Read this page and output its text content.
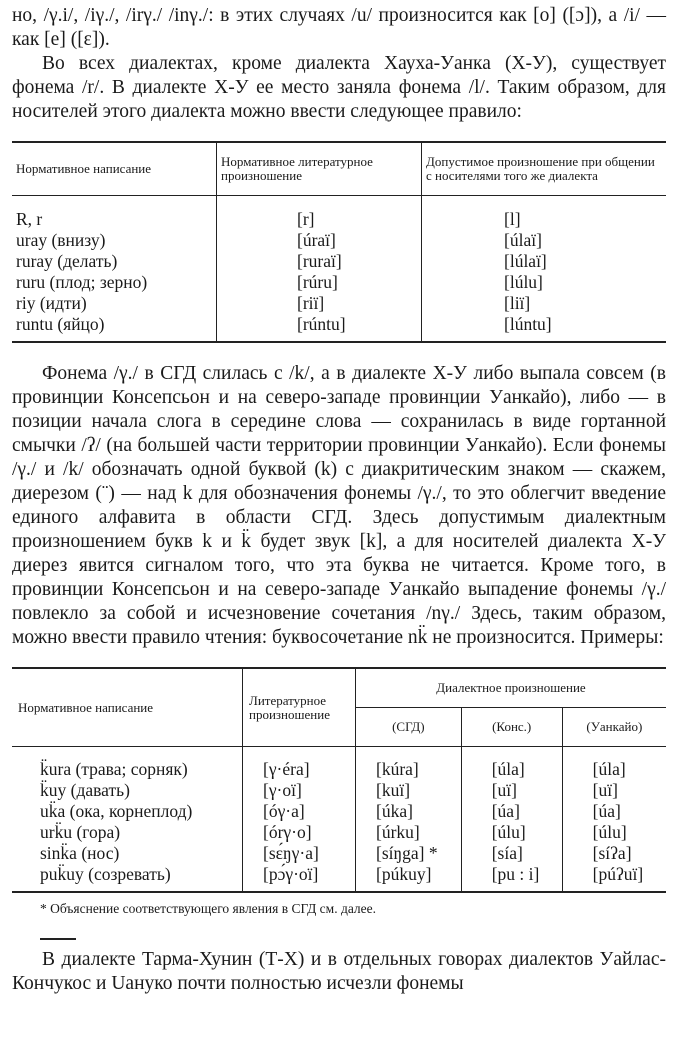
но, /γ.i/, /iγ./, /irγ./ /inγ./: в этих случаях /u/ произносится как [o] ([ɔ]), а /i/ — как [e] ([ɛ]).

Во всех диалектах, кроме диалекта Хауха-Уанка (Х-У), существует фонема /r/. В диалекте Х-У ее место заняла фонема /l/. Таким образом, для носителей этого диалекта можно ввести следующее правило:

Нормативное написание	Нормативное литературное произношение	Допустимое произношение при общении с носителями того же диалекта
R, r	[r]	[l]
uray (внизу)	[úraï]	[úlaï]
ruray (делать)	[ruraï]	[lúlaï]
ruru (плод; зерно)	[rúru]	[lúlu]
riy (идти)	[riï]	[liï]
runtu (яйцо)	[rúntu]	[lúntu]

Фонема /γ./ в СГД слилась с /k/, а в диалекте Х-У либо выпала совсем (в провинции Консепсьон и на северо-западе провинции Уанкайо), либо — в позиции начала слога в середине слова — сохранилась в виде гортанной смычки /ʔ/ (на большей части территории провинции Уанкайо). Если фонемы /γ./ и /k/ обозначать одной буквой (k) с диакритическим знаком — скажем, диерезом (¨) — над k для обозначения фонемы /γ./, то это облегчит введение единого алфавита в области СГД. Здесь допустимым диалектным произношением букв k и k̈ будет звук [k], а для носителей диалекта Х-У диерез явится сигналом того, что эта буква не читается. Кроме того, в провинции Консепсьон и на северо-западе Уанкайо выпадение фонемы /γ./ повлекло за собой и исчезновение сочетания /nγ./ Здесь, таким образом, можно ввести правило чтения: буквосочетание nk̈ не произносится. Примеры:

Нормативное написание	Литературное произношение	Диалектное произношение		
		(СГД)	(Конс.)	(Уанкайо)
k̈ura (трава; сорняк)	[γ·éra]	[kúra]	[úla]	[úla]
k̈uy (давать)	[γ·oï]	[kuï]	[uï]	[uï]
uk̈a (ока, корнеплод)	[óγ·a]	[úka]	[úa]	[úa]
urk̈u (гора)	[órγ·o]	[úrku]	[úlu]	[úlu]
sink̈a (нос)	[sɛ́ŋγ·a]	[síŋga] *	[sía]	[síʔa]
puk̈uy (созревать)	[pɔ́γ·oï]	[púkuy]	[pu : i]	[púʔuï]
* Объяснение соответствующего явления в СГД см. далее.

В диалекте Тарма-Хунин (Т-Х) и в отдельных говорах диалектов Уайлас-Кончукос и Uануко почти полностью исчезли фонемы
